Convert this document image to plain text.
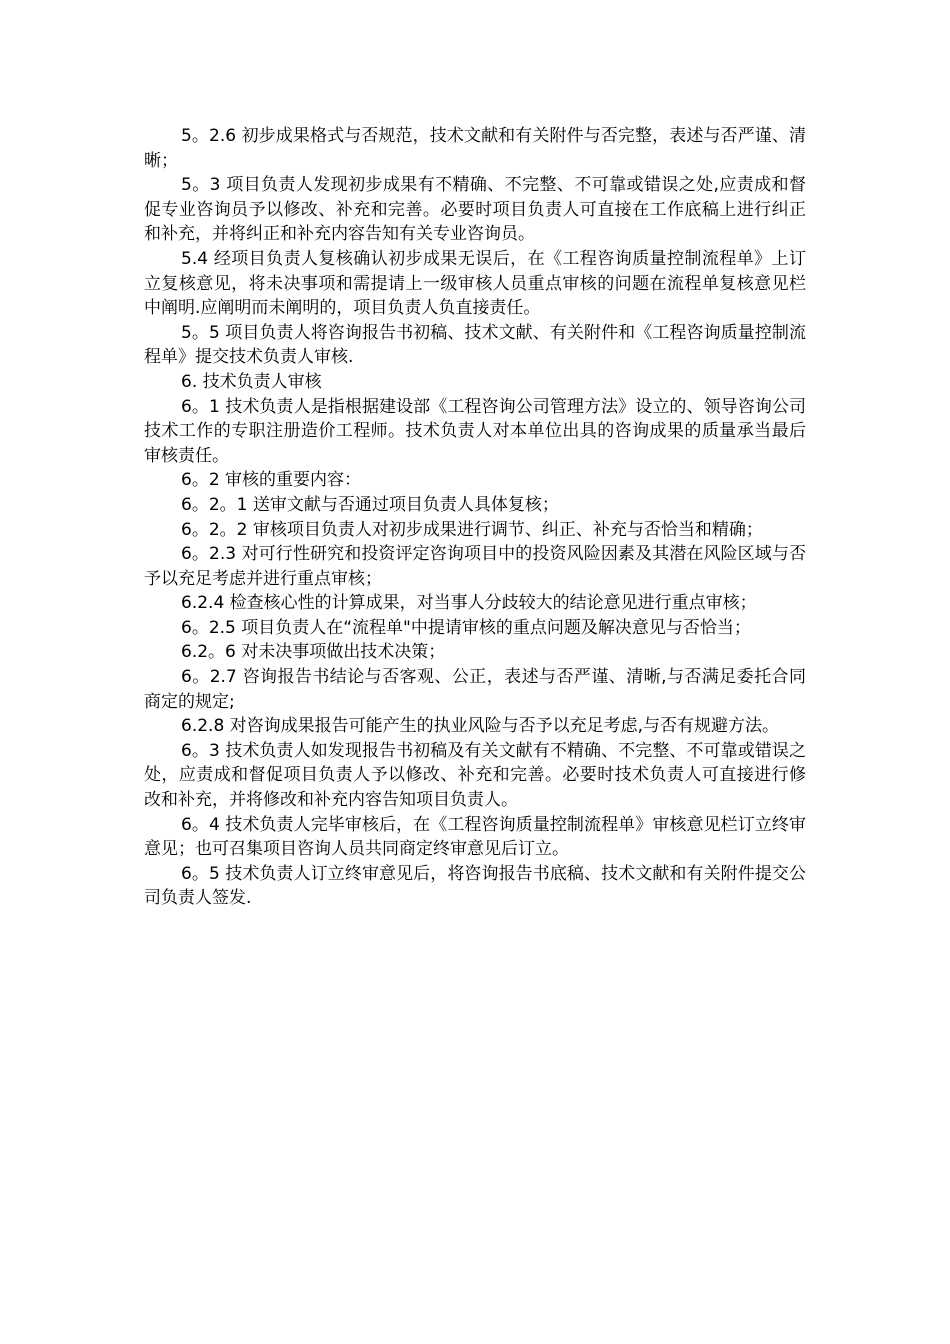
5。2.6 初步成果格式与否规范，技术文献和有关附件与否完整，表述与否严谨、清晰；

5。3 项目负责人发现初步成果有不精确、不完整、不可靠或错误之处,应责成和督促专业咨询员予以修改、补充和完善。必要时项目负责人可直接在工作底稿上进行纠正和补充，并将纠正和补充内容告知有关专业咨询员。

5.4 经项目负责人复核确认初步成果无误后，在《工程咨询质量控制流程单》上订立复核意见，将未决事项和需提请上一级审核人员重点审核的问题在流程单复核意见栏中阐明.应阐明而未阐明的，项目负责人负直接责任。

5。5 项目负责人将咨询报告书初稿、技术文献、有关附件和《工程咨询质量控制流程单》提交技术负责人审核.

6. 技术负责人审核

6。1 技术负责人是指根据建设部《工程咨询公司管理方法》设立的、领导咨询公司技术工作的专职注册造价工程师。技术负责人对本单位出具的咨询成果的质量承当最后审核责任。

6。2 审核的重要内容：

6。2。1 送审文献与否通过项目负责人具体复核；

6。2。2 审核项目负责人对初步成果进行调节、纠正、补充与否恰当和精确；

6。2.3 对可行性研究和投资评定咨询项目中的投资风险因素及其潜在风险区域与否予以充足考虑并进行重点审核；

6.2.4 检查核心性的计算成果，对当事人分歧较大的结论意见进行重点审核；

6。2.5 项目负责人在“流程单"中提请审核的重点问题及解决意见与否恰当；

6.2。6 对未决事项做出技术决策；

6。2.7 咨询报告书结论与否客观、公正，表述与否严谨、清晰,与否满足委托合同商定的规定;

6.2.8 对咨询成果报告可能产生的执业风险与否予以充足考虑,与否有规避方法。

6。3 技术负责人如发现报告书初稿及有关文献有不精确、不完整、不可靠或错误之处，应责成和督促项目负责人予以修改、补充和完善。必要时技术负责人可直接进行修改和补充，并将修改和补充内容告知项目负责人。

6。4 技术负责人完毕审核后，在《工程咨询质量控制流程单》审核意见栏订立终审意见；也可召集项目咨询人员共同商定终审意见后订立。

6。5 技术负责人订立终审意见后，将咨询报告书底稿、技术文献和有关附件提交公司负责人签发.
